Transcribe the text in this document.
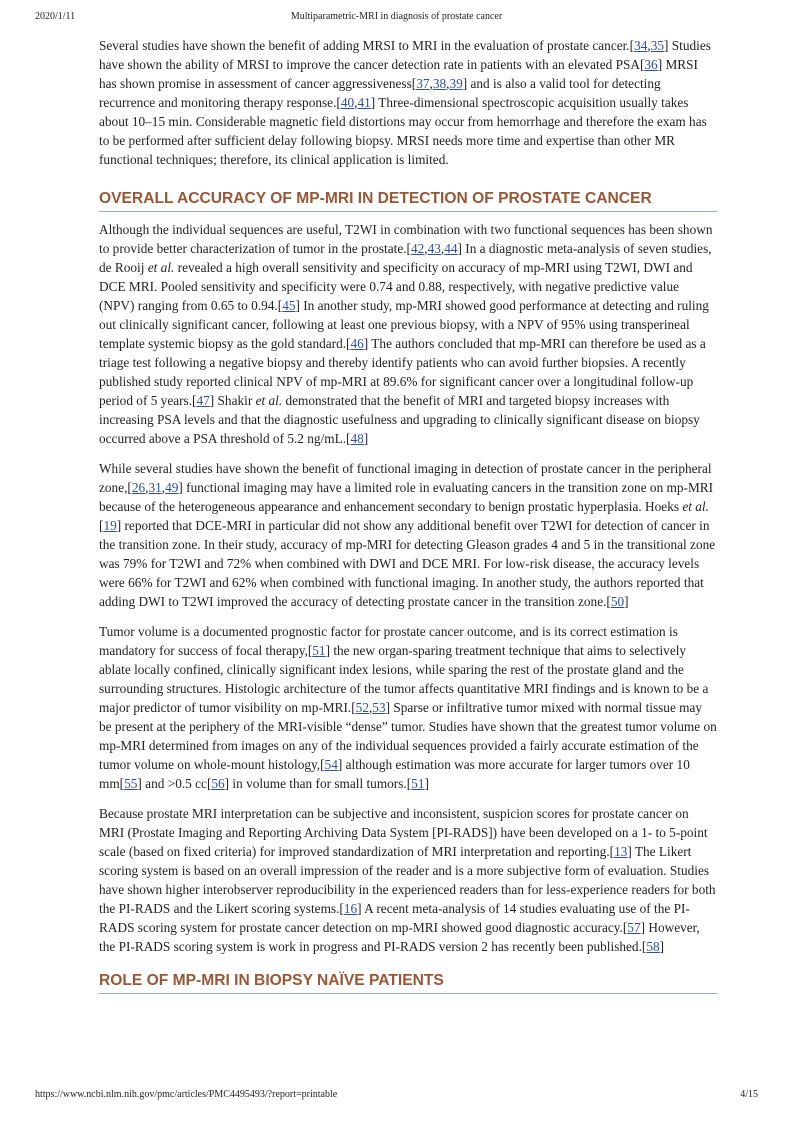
2020/1/11	Multiparametric-MRI in diagnosis of prostate cancer

Several studies have shown the benefit of adding MRSI to MRI in the evaluation of prostate cancer.[34,35] Studies have shown the ability of MRSI to improve the cancer detection rate in patients with an elevated PSA[36] MRSI has shown promise in assessment of cancer aggressiveness[37,38,39] and is also a valid tool for detecting recurrence and monitoring therapy response.[40,41] Three-dimensional spectroscopic acquisition usually takes about 10–15 min. Considerable magnetic field distortions may occur from hemorrhage and therefore the exam has to be performed after sufficient delay following biopsy. MRSI needs more time and expertise than other MR functional techniques; therefore, its clinical application is limited.

OVERALL ACCURACY OF MP-MRI IN DETECTION OF PROSTATE CANCER

Although the individual sequences are useful, T2WI in combination with two functional sequences has been shown to provide better characterization of tumor in the prostate.[42,43,44] In a diagnostic meta-analysis of seven studies, de Rooij et al. revealed a high overall sensitivity and specificity on accuracy of mp-MRI using T2WI, DWI and DCE MRI. Pooled sensitivity and specificity were 0.74 and 0.88, respectively, with negative predictive value (NPV) ranging from 0.65 to 0.94.[45] In another study, mp-MRI showed good performance at detecting and ruling out clinically significant cancer, following at least one previous biopsy, with a NPV of 95% using transperineal template systemic biopsy as the gold standard.[46] The authors concluded that mp-MRI can therefore be used as a triage test following a negative biopsy and thereby identify patients who can avoid further biopsies. A recently published study reported clinical NPV of mp-MRI at 89.6% for significant cancer over a longitudinal follow-up period of 5 years.[47] Shakir et al. demonstrated that the benefit of MRI and targeted biopsy increases with increasing PSA levels and that the diagnostic usefulness and upgrading to clinically significant disease on biopsy occurred above a PSA threshold of 5.2 ng/mL.[48]

While several studies have shown the benefit of functional imaging in detection of prostate cancer in the peripheral zone,[26,31,49] functional imaging may have a limited role in evaluating cancers in the transition zone on mp-MRI because of the heterogeneous appearance and enhancement secondary to benign prostatic hyperplasia. Hoeks et al.[19] reported that DCE-MRI in particular did not show any additional benefit over T2WI for detection of cancer in the transition zone. In their study, accuracy of mp-MRI for detecting Gleason grades 4 and 5 in the transitional zone was 79% for T2WI and 72% when combined with DWI and DCE MRI. For low-risk disease, the accuracy levels were 66% for T2WI and 62% when combined with functional imaging. In another study, the authors reported that adding DWI to T2WI improved the accuracy of detecting prostate cancer in the transition zone.[50]

Tumor volume is a documented prognostic factor for prostate cancer outcome, and is its correct estimation is mandatory for success of focal therapy,[51] the new organ-sparing treatment technique that aims to selectively ablate locally confined, clinically significant index lesions, while sparing the rest of the prostate gland and the surrounding structures. Histologic architecture of the tumor affects quantitative MRI findings and is known to be a major predictor of tumor visibility on mp-MRI.[52,53] Sparse or infiltrative tumor mixed with normal tissue may be present at the periphery of the MRI-visible “dense” tumor. Studies have shown that the greatest tumor volume on mp-MRI determined from images on any of the individual sequences provided a fairly accurate estimation of the tumor volume on whole-mount histology,[54] although estimation was more accurate for larger tumors over 10 mm[55] and >0.5 cc[56] in volume than for small tumors.[51]

Because prostate MRI interpretation can be subjective and inconsistent, suspicion scores for prostate cancer on MRI (Prostate Imaging and Reporting Archiving Data System [PI-RADS]) have been developed on a 1- to 5-point scale (based on fixed criteria) for improved standardization of MRI interpretation and reporting.[13] The Likert scoring system is based on an overall impression of the reader and is a more subjective form of evaluation. Studies have shown higher interobserver reproducibility in the experienced readers than for less-experience readers for both the PI-RADS and the Likert scoring systems.[16] A recent meta-analysis of 14 studies evaluating use of the PI-RADS scoring system for prostate cancer detection on mp-MRI showed good diagnostic accuracy.[57] However, the PI-RADS scoring system is work in progress and PI-RADS version 2 has recently been published.[58]

ROLE OF MP-MRI IN BIOPSY NAÏVE PATIENTS
https://www.ncbi.nlm.nih.gov/pmc/articles/PMC4495493/?report=printable	4/15
